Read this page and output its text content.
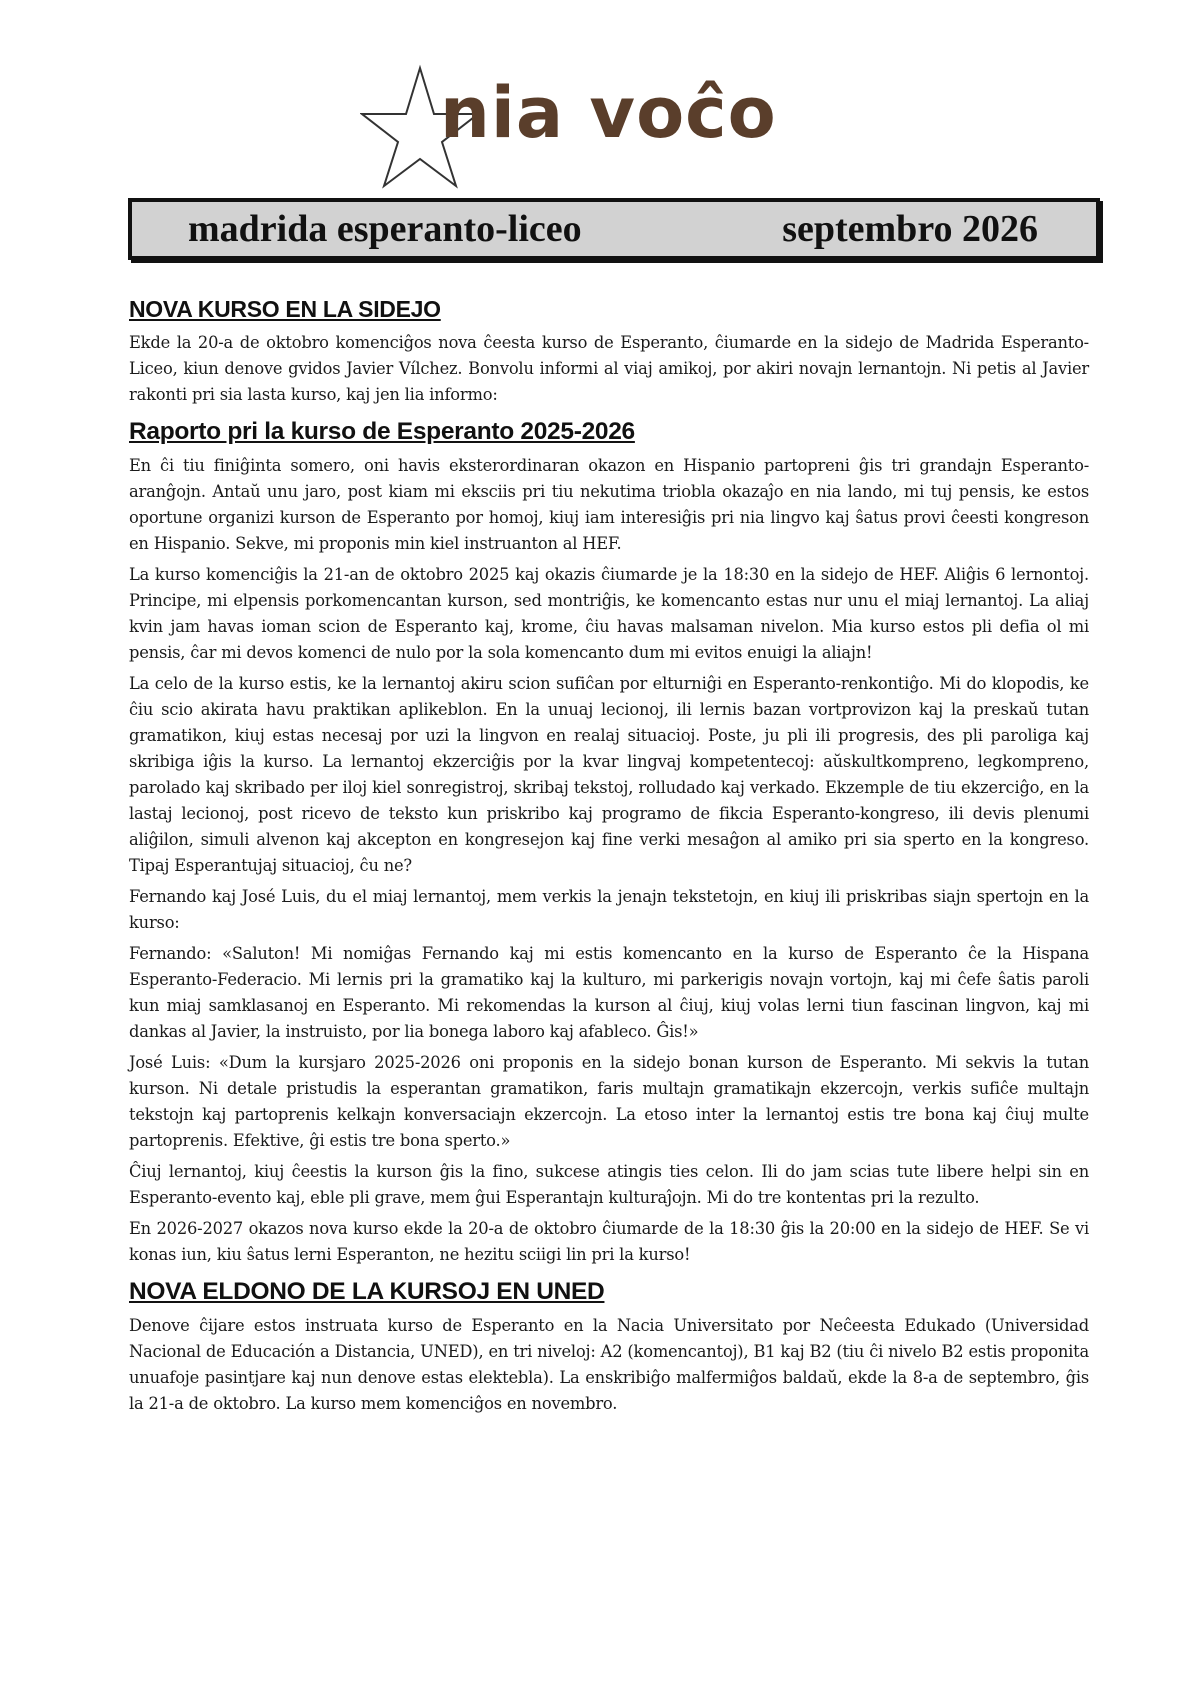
nia voĉo
madrida esperanto-liceo	septembro 2026
NOVA KURSO EN LA SIDEJO

Ekde la 20-a de oktobro komenciĝos nova ĉeesta kurso de Esperanto, ĉiumarde en la sidejo de Madrida Esperanto-Liceo, kiun denove gvidos Javier Vílchez. Bonvolu informi al viaj amikoj, por akiri novajn lernantojn. Ni petis al Javier rakonti pri sia lasta kurso, kaj jen lia informo:

Raporto pri la kurso de Esperanto 2025-2026

En ĉi tiu finiĝinta somero, oni havis eksterordinaran okazon en Hispanio partopreni ĝis tri grandajn Esperanto-aranĝojn. Antaŭ unu jaro, post kiam mi eksciis pri tiu nekutima triobla okazaĵo en nia lando, mi tuj pensis, ke estos oportune organizi kurson de Esperanto por homoj, kiuj iam interesiĝis pri nia lingvo kaj ŝatus provi ĉeesti kongreson en Hispanio. Sekve, mi proponis min kiel instruanton al HEF.

La kurso komenciĝis la 21-an de oktobro 2025 kaj okazis ĉiumarde je la 18:30 en la sidejo de HEF. Aliĝis 6 lernontoj. Principe, mi elpensis porkomencantan kurson, sed montriĝis, ke komencanto estas nur unu el miaj lernantoj. La aliaj kvin jam havas ioman scion de Esperanto kaj, krome, ĉiu havas malsaman nivelon. Mia kurso estos pli defia ol mi pensis, ĉar mi devos komenci de nulo por la sola komencanto dum mi evitos enuigi la aliajn!

La celo de la kurso estis, ke la lernantoj akiru scion sufiĉan por elturniĝi en Esperanto-renkontiĝo. Mi do klopodis, ke ĉiu scio akirata havu praktikan aplikeblon. En la unuaj lecionoj, ili lernis bazan vortprovizon kaj la preskaŭ tutan gramatikon, kiuj estas necesaj por uzi la lingvon en realaj situacioj. Poste, ju pli ili progresis, des pli paroliga kaj skribiga iĝis la kurso. La lernantoj ekzerciĝis por la kvar lingvaj kompetentecoj: aŭskultkompreno, legkompreno, parolado kaj skribado per iloj kiel sonregistroj, skribaj tekstoj, rolludado kaj verkado. Ekzemple de tiu ekzerciĝo, en la lastaj lecionoj, post ricevo de teksto kun priskribo kaj programo de fikcia Esperanto-kongreso, ili devis plenumi aliĝilon, simuli alvenon kaj akcepton en kongresejon kaj fine verki mesaĝon al amiko pri sia sperto en la kongreso. Tipaj Esperantujaj situacioj, ĉu ne?

Fernando kaj José Luis, du el miaj lernantoj, mem verkis la jenajn tekstetojn, en kiuj ili priskribas siajn spertojn en la kurso:

Fernando: «Saluton! Mi nomiĝas Fernando kaj mi estis komencanto en la kurso de Esperanto ĉe la Hispana Esperanto-Federacio. Mi lernis pri la gramatiko kaj la kulturo, mi parkerigis novajn vortojn, kaj mi ĉefe ŝatis paroli kun miaj samklasanoj en Esperanto. Mi rekomendas la kurson al ĉiuj, kiuj volas lerni tiun fascinan lingvon, kaj mi dankas al Javier, la instruisto, por lia bonega laboro kaj afableco. Ĝis!»

José Luis: «Dum la kursjaro 2025-2026 oni proponis en la sidejo bonan kurson de Esperanto. Mi sekvis la tutan kurson. Ni detale pristudis la esperantan gramatikon, faris multajn gramatikajn ekzercojn, verkis sufiĉe multajn tekstojn kaj partoprenis kelkajn konversaciajn ekzercojn. La etoso inter la lernantoj estis tre bona kaj ĉiuj multe partoprenis. Efektive, ĝi estis tre bona sperto.»

Ĉiuj lernantoj, kiuj ĉeestis la kurson ĝis la fino, sukcese atingis ties celon. Ili do jam scias tute libere helpi sin en Esperanto-evento kaj, eble pli grave, mem ĝui Esperantajn kulturaĵojn. Mi do tre kontentas pri la rezulto.

En 2026-2027 okazos nova kurso ekde la 20-a de oktobro ĉiumarde de la 18:30 ĝis la 20:00 en la sidejo de HEF. Se vi konas iun, kiu ŝatus lerni Esperanton, ne hezitu sciigi lin pri la kurso!

NOVA ELDONO DE LA KURSOJ EN UNED

Denove ĉijare estos instruata kurso de Esperanto en la Nacia Universitato por Neĉeesta Edukado (Universidad Nacional de Educación a Distancia, UNED), en tri niveloj: A2 (komencantoj), B1 kaj B2 (tiu ĉi nivelo B2 estis proponita unuafoje pasintjare kaj nun denove estas elektebla). La enskribiĝo malfermiĝos baldaŭ, ekde la 8-a de septembro, ĝis la 21-a de oktobro. La kurso mem komenciĝos en novembro.
